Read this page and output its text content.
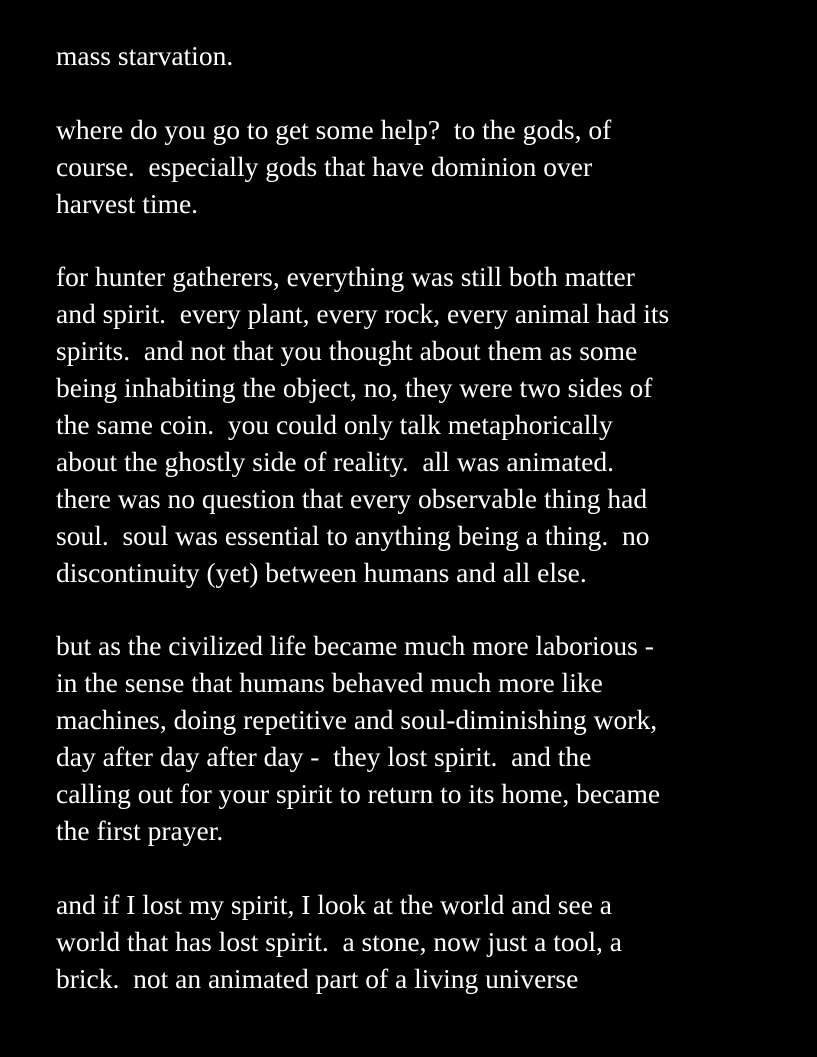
mass starvation.

where do you go to get some help?  to the gods, of
course.  especially gods that have dominion over
harvest time.

for hunter gatherers, everything was still both matter
and spirit.  every plant, every rock, every animal had its
spirits.  and not that you thought about them as some
being inhabiting the object, no, they were two sides of
the same coin.  you could only talk metaphorically
about the ghostly side of reality.  all was animated.
there was no question that every observable thing had
soul.  soul was essential to anything being a thing.  no
discontinuity (yet) between humans and all else.

but as the civilized life became much more laborious -
in the sense that humans behaved much more like
machines, doing repetitive and soul-diminishing work,
day after day after day -  they lost spirit.  and the
calling out for your spirit to return to its home, became
the first prayer.

and if I lost my spirit, I look at the world and see a
world that has lost spirit.  a stone, now just a tool, a
brick.  not an animated part of a living universe
